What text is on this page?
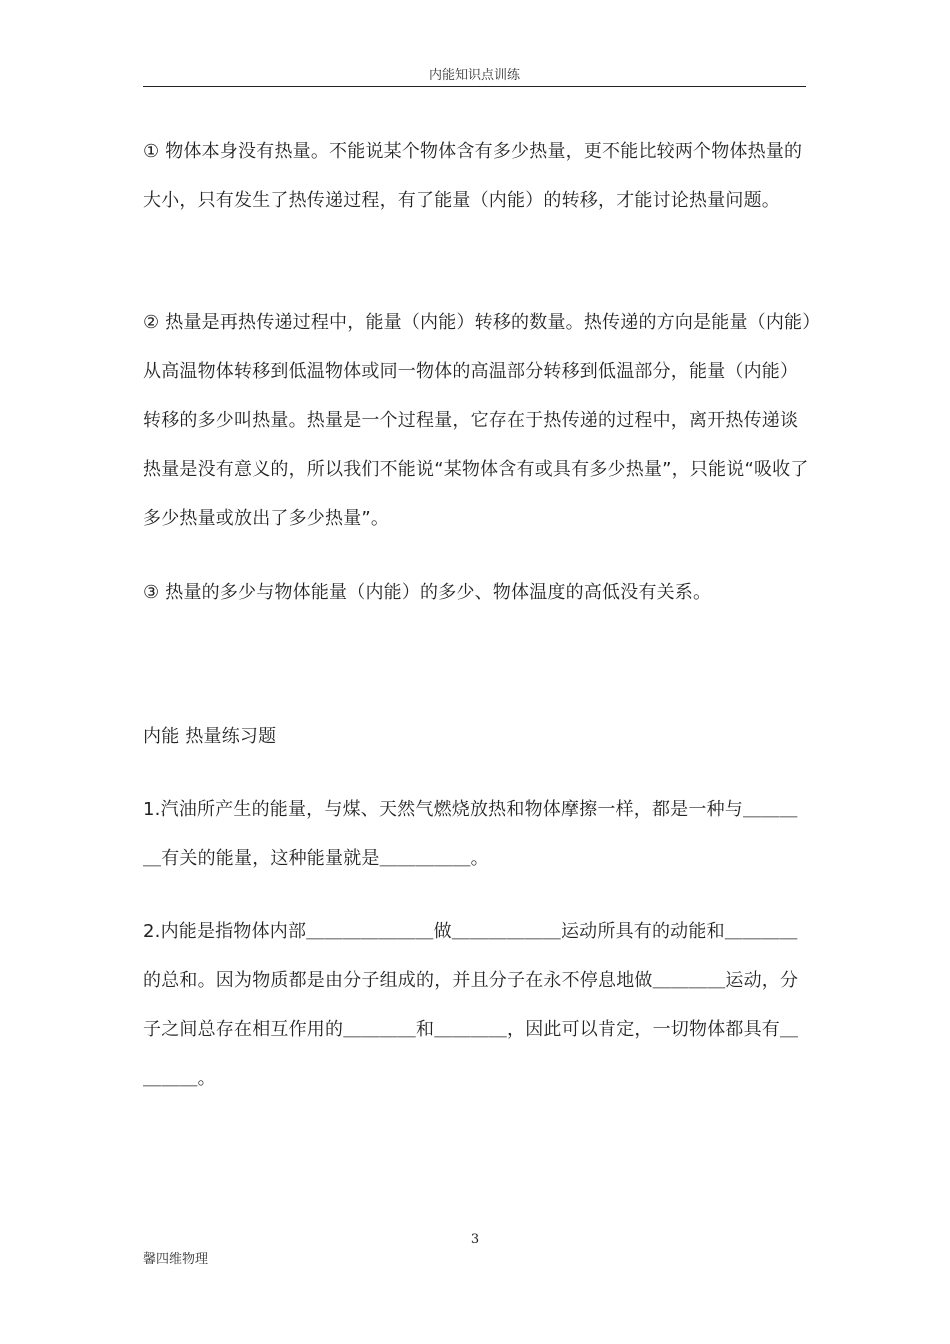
内能知识点训练

① 物体本身没有热量。不能说某个物体含有多少热量，更不能比较两个物体热量的大小，只有发生了热传递过程，有了能量（内能）的转移，才能讨论热量问题。

② 热量是再热传递过程中，能量（内能）转移的数量。热传递的方向是能量（内能）从高温物体转移到低温物体或同一物体的高温部分转移到低温部分，能量（内能）转移的多少叫热量。热量是一个过程量，它存在于热传递的过程中，离开热传递谈热量是没有意义的，所以我们不能说“某物体含有或具有多少热量”，只能说“吸收了多少热量或放出了多少热量”。

③ 热量的多少与物体能量（内能）的多少、物体温度的高低没有关系。

内能 热量练习题

1.汽油所产生的能量，与煤、天然气燃烧放热和物体摩擦一样，都是一种与＿＿＿＿有关的能量，这种能量就是＿＿＿＿＿。

2.内能是指物体内部＿＿＿＿＿＿＿做＿＿＿＿＿＿运动所具有的动能和＿＿＿＿的总和。因为物质都是由分子组成的，并且分子在永不停息地做＿＿＿＿运动，分子之间总存在相互作用的＿＿＿＿和＿＿＿＿，因此可以肯定，一切物体都具有＿＿＿＿。

3
馨四维物理
